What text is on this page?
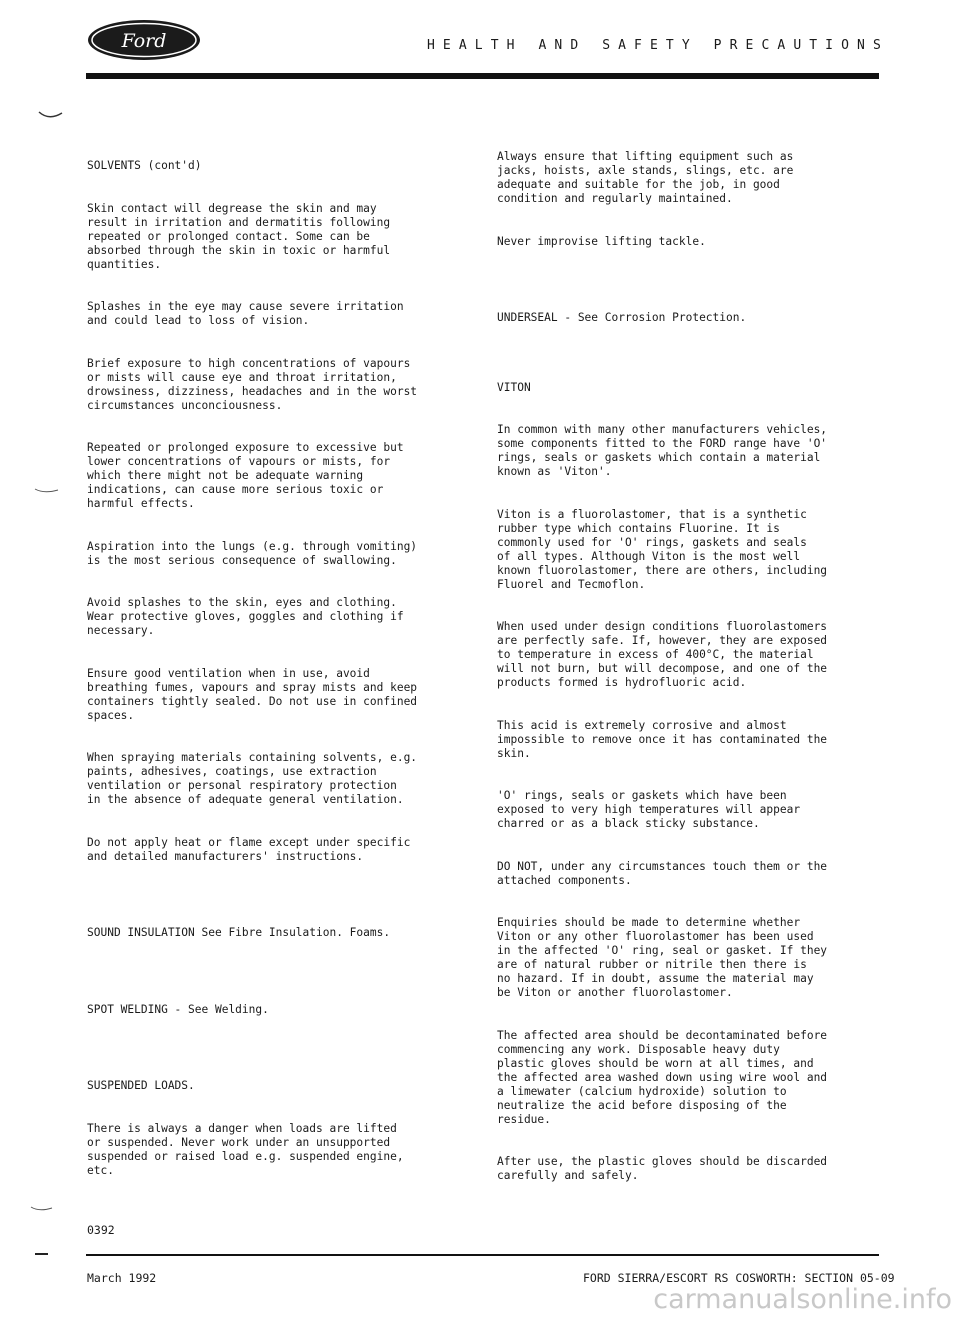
Ford	HEALTH AND SAFETY PRECAUTIONS

SOLVENTS (cont'd)

Skin contact will degrease the skin and may
result in irritation and dermatitis following
repeated or prolonged contact. Some can be
absorbed through the skin in toxic or harmful
quantities.

Splashes in the eye may cause severe irritation
and could lead to loss of vision.

Brief exposure to high concentrations of vapours
or mists will cause eye and throat irritation,
drowsiness, dizziness, headaches and in the worst
circumstances unconciousness.

Repeated or prolonged exposure to excessive but
lower concentrations of vapours or mists, for
which there might not be adequate warning
indications, can cause more serious toxic or
harmful effects.

Aspiration into the lungs (e.g. through vomiting)
is the most serious consequence of swallowing.

Avoid splashes to the skin, eyes and clothing.
Wear protective gloves, goggles and clothing if
necessary.

Ensure good ventilation when in use, avoid
breathing fumes, vapours and spray mists and keep
containers tightly sealed. Do not use in confined
spaces.

When spraying materials containing solvents, e.g.
paints, adhesives, coatings, use extraction
ventilation or personal respiratory protection
in the absence of adequate general ventilation.

Do not apply heat or flame except under specific
and detailed manufacturers' instructions.

SOUND INSULATION See Fibre Insulation. Foams.

SPOT WELDING - See Welding.

SUSPENDED LOADS.

There is always a danger when loads are lifted
or suspended. Never work under an unsupported
suspended or raised load e.g. suspended engine,
etc.

Always ensure that lifting equipment such as
jacks, hoists, axle stands, slings, etc. are
adequate and suitable for the job, in good
condition and regularly maintained.

Never improvise lifting tackle.

UNDERSEAL - See Corrosion Protection.

VITON

In common with many other manufacturers vehicles,
some components fitted to the FORD range have 'O'
rings, seals or gaskets which contain a material
known as 'Viton'.

Viton is a fluorolastomer, that is a synthetic
rubber type which contains Fluorine. It is
commonly used for 'O' rings, gaskets and seals
of all types. Although Viton is the most well
known fluorolastomer, there are others, including
Fluorel and Tecmoflon.

When used under design conditions fluorolastomers
are perfectly safe. If, however, they are exposed
to temperature in excess of 400°C, the material
will not burn, but will decompose, and one of the
products formed is hydrofluoric acid.

This acid is extremely corrosive and almost
impossible to remove once it has contaminated the
skin.

'O' rings, seals or gaskets which have been
exposed to very high temperatures will appear
charred or as a black sticky substance.

DO NOT, under any circumstances touch them or the
attached components.

Enquiries should be made to determine whether
Viton or any other fluorolastomer has been used
in the affected 'O' ring, seal or gasket. If they
are of natural rubber or nitrile then there is
no hazard. If in doubt, assume the material may
be Viton or another fluorolastomer.

The affected area should be decontaminated before
commencing any work. Disposable heavy duty
plastic gloves should be worn at all times, and
the affected area washed down using wire wool and
a limewater (calcium hydroxide) solution to
neutralize the acid before disposing of the
residue.

After use, the plastic gloves should be discarded
carefully and safely.

0392
March 1992	FORD SIERRA/ESCORT RS COSWORTH: SECTION 05-09
carmanualsonline.info
